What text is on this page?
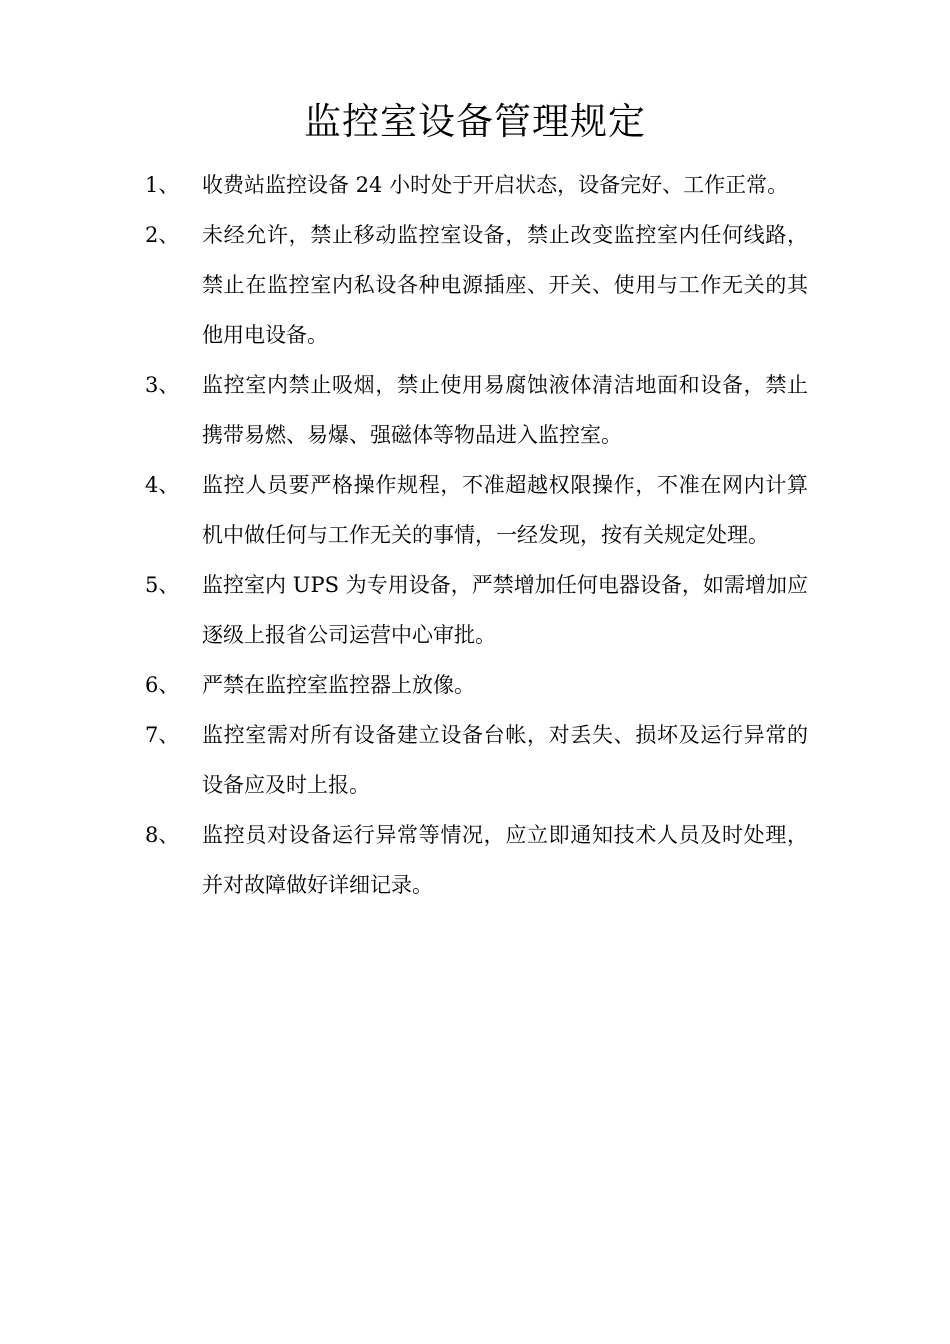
监控室设备管理规定
1、 收费站监控设备 24 小时处于开启状态，设备完好、工作正常。
2、 未经允许，禁止移动监控室设备，禁止改变监控室内任何线路，禁止在监控室内私设各种电源插座、开关、使用与工作无关的其他用电设备。
3、 监控室内禁止吸烟，禁止使用易腐蚀液体清洁地面和设备，禁止携带易燃、易爆、强磁体等物品进入监控室。
4、 监控人员要严格操作规程，不准超越权限操作，不准在网内计算机中做任何与工作无关的事情，一经发现，按有关规定处理。
5、 监控室内 UPS 为专用设备，严禁增加任何电器设备，如需增加应逐级上报省公司运营中心审批。
6、 严禁在监控室监控器上放像。
7、 监控室需对所有设备建立设备台帐，对丢失、损坏及运行异常的设备应及时上报。
8、 监控员对设备运行异常等情况，应立即通知技术人员及时处理，并对故障做好详细记录。
